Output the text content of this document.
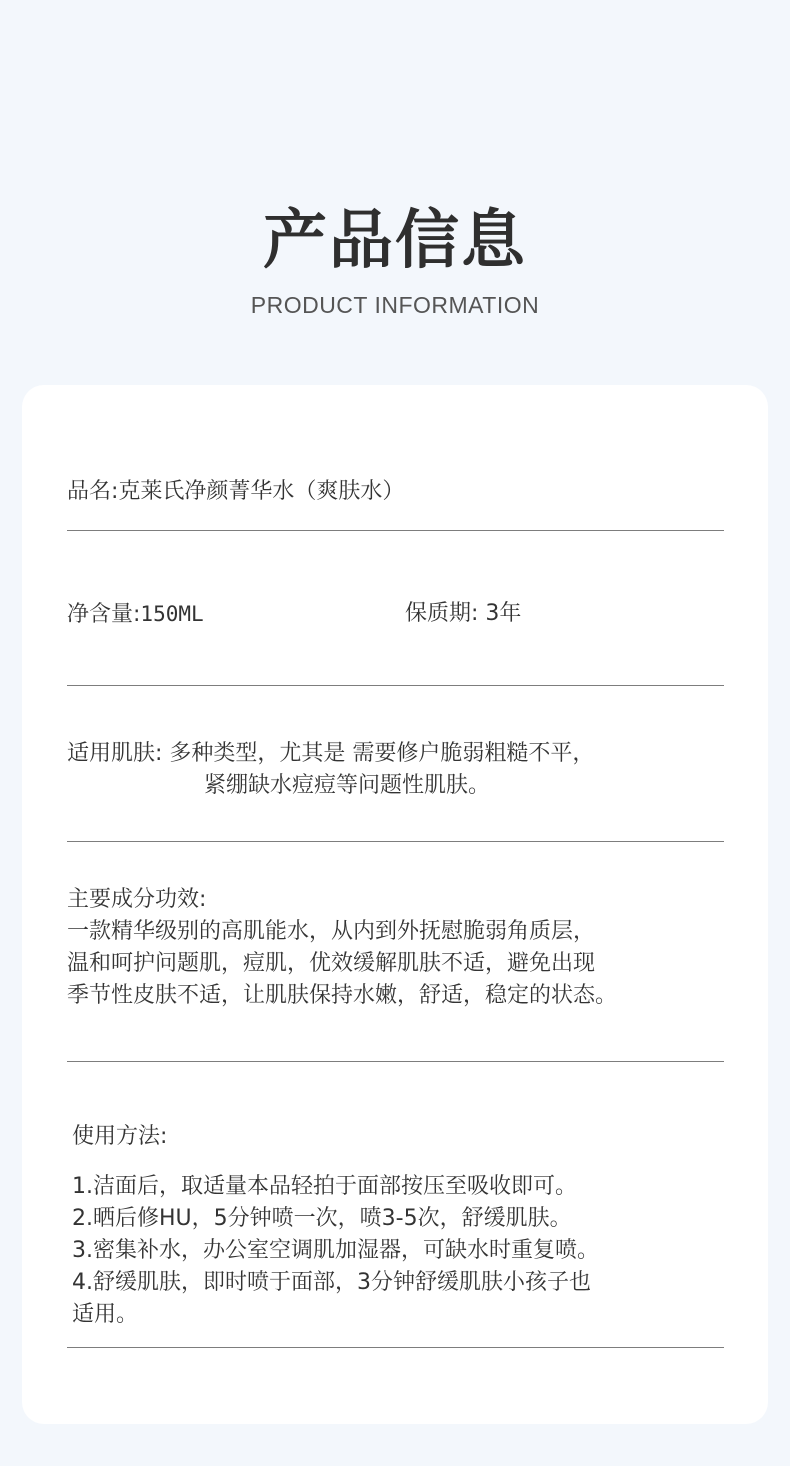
产品信息
PRODUCT INFORMATION
品名:克莱氏净颜菁华水（爽肤水）
净含量:150ML	保质期: 3年
适用肌肤: 多种类型，尤其是 需要修户脆弱粗糙不平，
紧绷缺水痘痘等问题性肌肤。
主要成分功效:
一款精华级别的高肌能水，从内到外抚慰脆弱角质层，
温和呵护问题肌，痘肌，优效缓解肌肤不适，避免出现
季节性皮肤不适，让肌肤保持水嫩，舒适，稳定的状态。
使用方法:
1.洁面后，取适量本品轻拍于面部按压至吸收即可。
2.晒后修HU，5分钟喷一次，喷3-5次，舒缓肌肤。
3.密集补水，办公室空调肌加湿器，可缺水时重复喷。
4.舒缓肌肤，即时喷于面部，3分钟舒缓肌肤小孩子也
适用。
